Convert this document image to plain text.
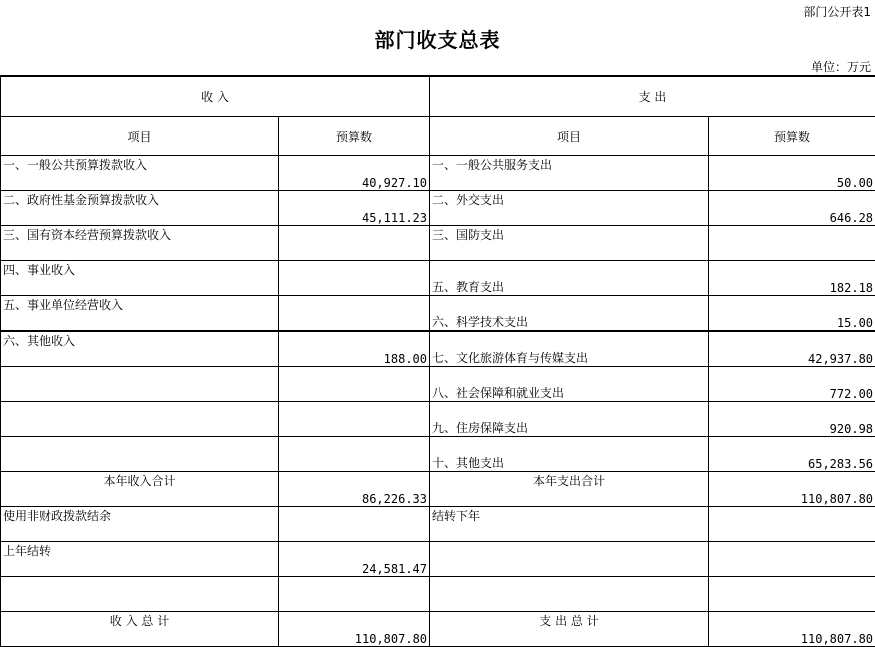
部门公开表1
部门收支总表
单位：万元
收 入		支 出	
项目	预算数	项目	预算数
一、一般公共预算拨款收入	40,927.10	一、一般公共服务支出	50.00
二、政府性基金预算拨款收入	45,111.23	二、外交支出	646.28
三、国有资本经营预算拨款收入		三、国防支出	
四、事业收入		五、教育支出	182.18
五、事业单位经营收入		六、科学技术支出	15.00
六、其他收入	188.00	七、文化旅游体育与传媒支出	42,937.80
		八、社会保障和就业支出	772.00
		九、住房保障支出	920.98
		十、其他支出	65,283.56
本年收入合计	86,226.33	本年支出合计	110,807.80
使用非财政拨款结余		结转下年	
上年结转	24,581.47		

收 入 总 计	110,807.80	支 出 总 计	110,807.80
